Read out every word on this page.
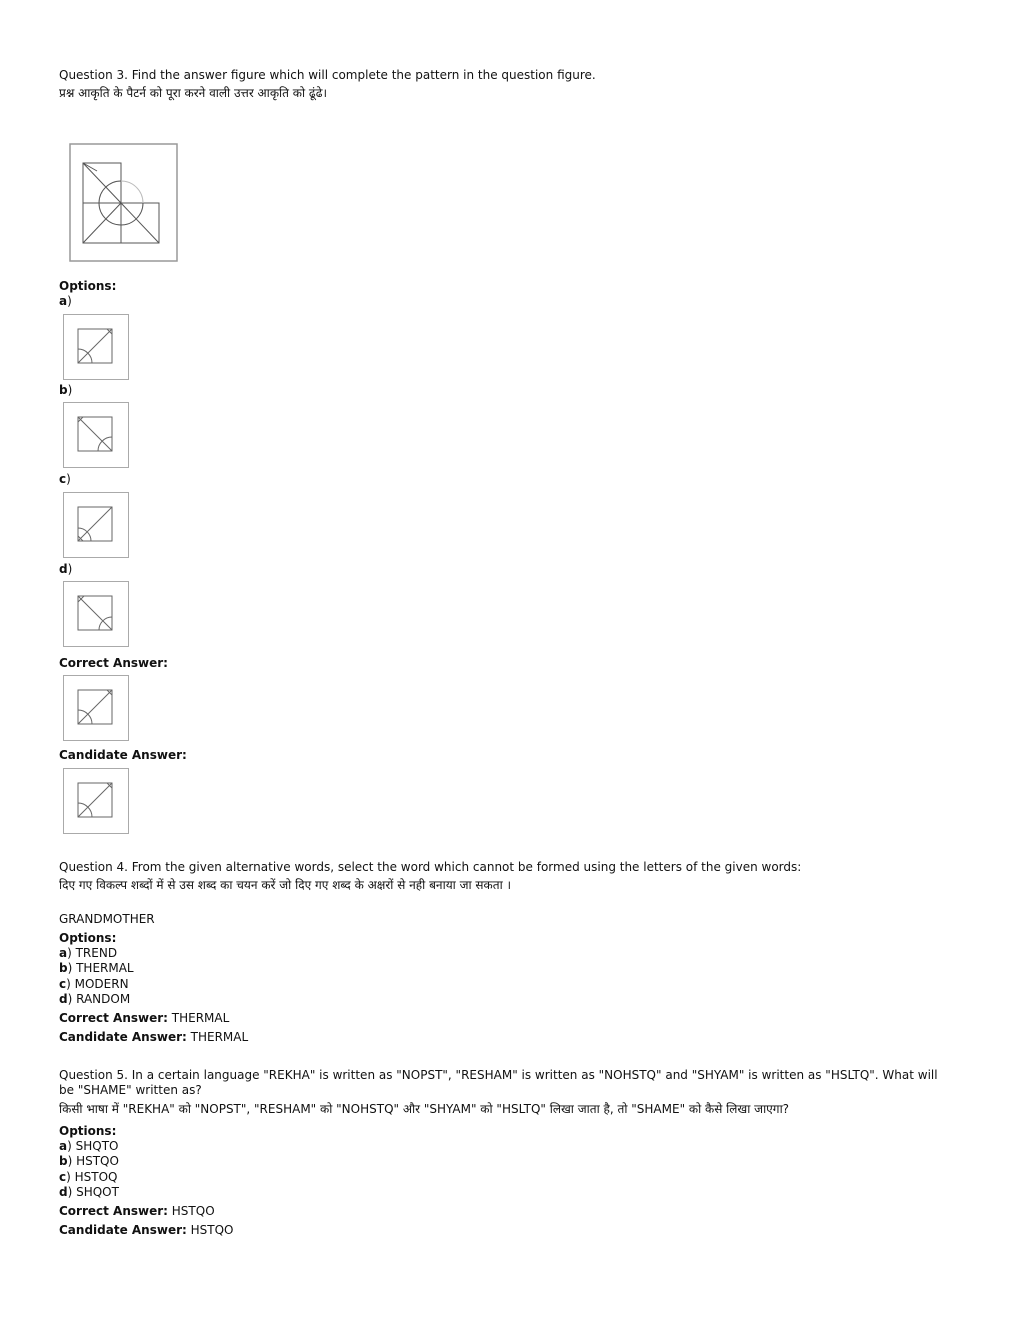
Question 3. Find the answer figure which will complete the pattern in the question figure.
प्रश्न आकृति के पैटर्न को पूरा करने वाली उत्तर आकृति को ढूंढे।
Options:
a)
b)
c)
d)
Correct Answer:
Candidate Answer:
Question 4. From the given alternative words, select the word which cannot be formed using the letters of the given words:
दिए गए विकल्प शब्दों में से उस शब्द का चयन करें जो दिए गए शब्द के अक्षरों से नही बनाया जा सकता ।
GRANDMOTHER
Options:
a) TREND
b) THERMAL
c) MODERN
d) RANDOM
Correct Answer: THERMAL
Candidate Answer: THERMAL
Question 5. In a certain language "REKHA" is written as "NOPST", "RESHAM" is written as "NOHSTQ" and "SHYAM" is written as "HSLTQ". What will be "SHAME" written as?
किसी भाषा में "REKHA" को "NOPST", "RESHAM" को "NOHSTQ" और "SHYAM" को "HSLTQ" लिखा जाता है, तो "SHAME" को कैसे लिखा जाएगा?
Options:
a) SHQTO
b) HSTQO
c) HSTOQ
d) SHQOT
Correct Answer: HSTQO
Candidate Answer: HSTQO
